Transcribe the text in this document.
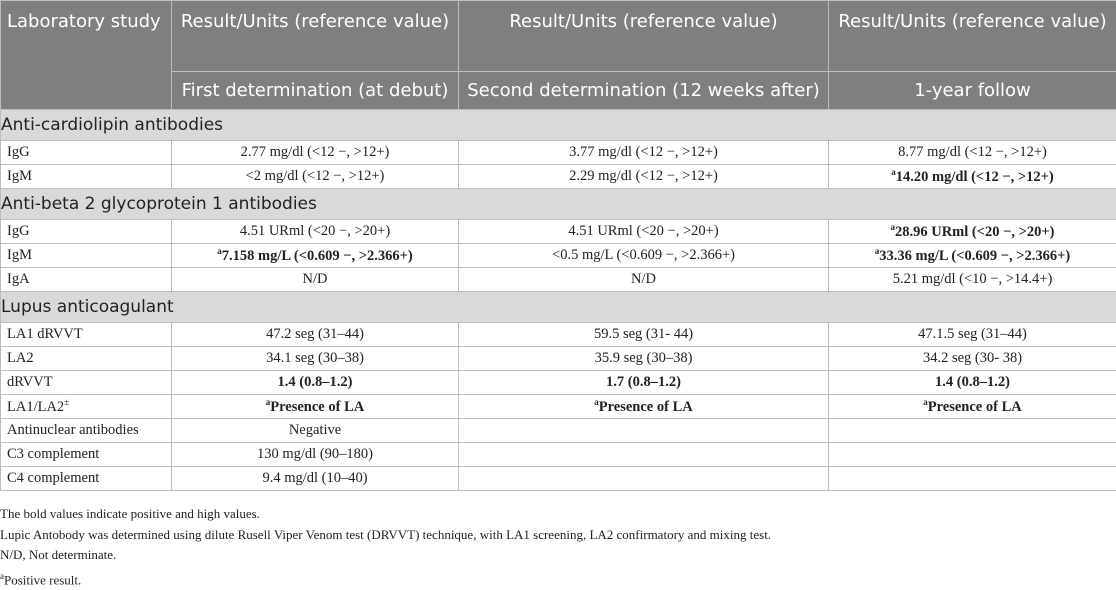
Laboratory study	Result/Units (reference value)	Result/Units (reference value)	Result/Units (reference value)
	First determination (at debut)	Second determination (12 weeks after)	1-year follow
Anti-cardiolipin antibodies			
IgG	2.77 mg/dl (<12 −, >12+)	3.77 mg/dl (<12 −, >12+)	8.77 mg/dl (<12 −, >12+)
IgM	<2 mg/dl (<12 −, >12+)	2.29 mg/dl (<12 −, >12+)	$^a$14.20 mg/dl (<12 −, >12+)
Anti-beta 2 glycoprotein 1 antibodies			
IgG	4.51 URml (<20 −, >20+)	4.51 URml (<20 −, >20+)	$^a$28.96 URml (<20 −, >20+)
IgM	$^a$7.158 mg/L (<0.609 −, >2.366+)	<0.5 mg/L (<0.609 −, >2.366+)	$^a$33.36 mg/L (<0.609 −, >2.366+)
IgA	N/D	N/D	5.21 mg/dl (<10 −, >14.4+)
Lupus anticoagulant			
LA1 dRVVT	47.2 seg (31–44)	59.5 seg (31- 44)	47.1.5 seg (31–44)
LA2	34.1 seg (30–38)	35.9 seg (30–38)	34.2 seg (30- 38)
dRVVT	1.4 (0.8–1.2)	1.7 (0.8–1.2)	1.4 (0.8–1.2)
LA1/LA2±	$^a$Presence of LA	$^a$Presence of LA	$^a$Presence of LA
Antinuclear antibodies	Negative		
C3 complement	130 mg/dl (90–180)		
C4 complement	9.4 mg/dl (10–40)		
The bold values indicate positive and high values.
Lupic Antobody was determined using dilute Rusell Viper Venom test (DRVVT) technique, with LA1 screening, LA2 confirmatory and mixing test.
N/D, Not determinate.
$^a$Positive result.
